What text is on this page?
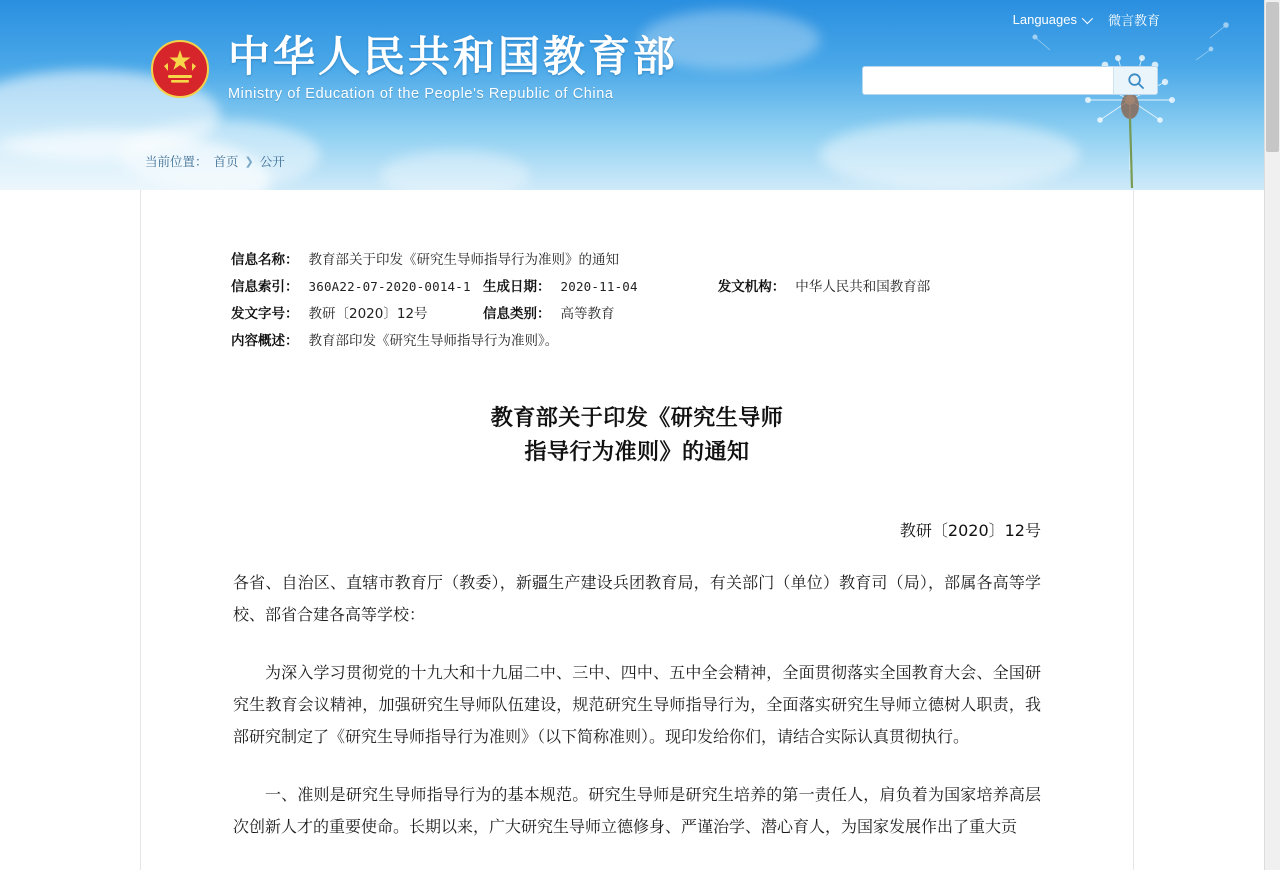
Languages 微言教育
中华人民共和国教育部
Ministry of Education of the People's Republic of China
当前位置： 首页 ❯ 公开
信息名称： 教育部关于印发《研究生导师指导行为准则》的通知
信息索引： 360A22-07-2020-0014-1 生成日期： 2020-11-04	发文机构： 中华人民共和国教育部
发文字号： 教研〔2020〕12号	信息类别： 高等教育
内容概述： 教育部印发《研究生导师指导行为准则》。
教育部关于印发《研究生导师
指导行为准则》的通知
教研〔2020〕12号
各省、自治区、直辖市教育厅（教委），新疆生产建设兵团教育局，有关部门（单位）教育司（局），部属各高等学校、部省合建各高等学校：
为深入学习贯彻党的十九大和十九届二中、三中、四中、五中全会精神，全面贯彻落实全国教育大会、全国研究生教育会议精神，加强研究生导师队伍建设，规范研究生导师指导行为，全面落实研究生导师立德树人职责，我部研究制定了《研究生导师指导行为准则》（以下简称准则）。现印发给你们，请结合实际认真贯彻执行。
一、准则是研究生导师指导行为的基本规范。研究生导师是研究生培养的第一责任人，肩负着为国家培养高层次创新人才的重要使命。长期以来，广大研究生导师立德修身、严谨治学、潜心育人，为国家发展作出了重大贡
